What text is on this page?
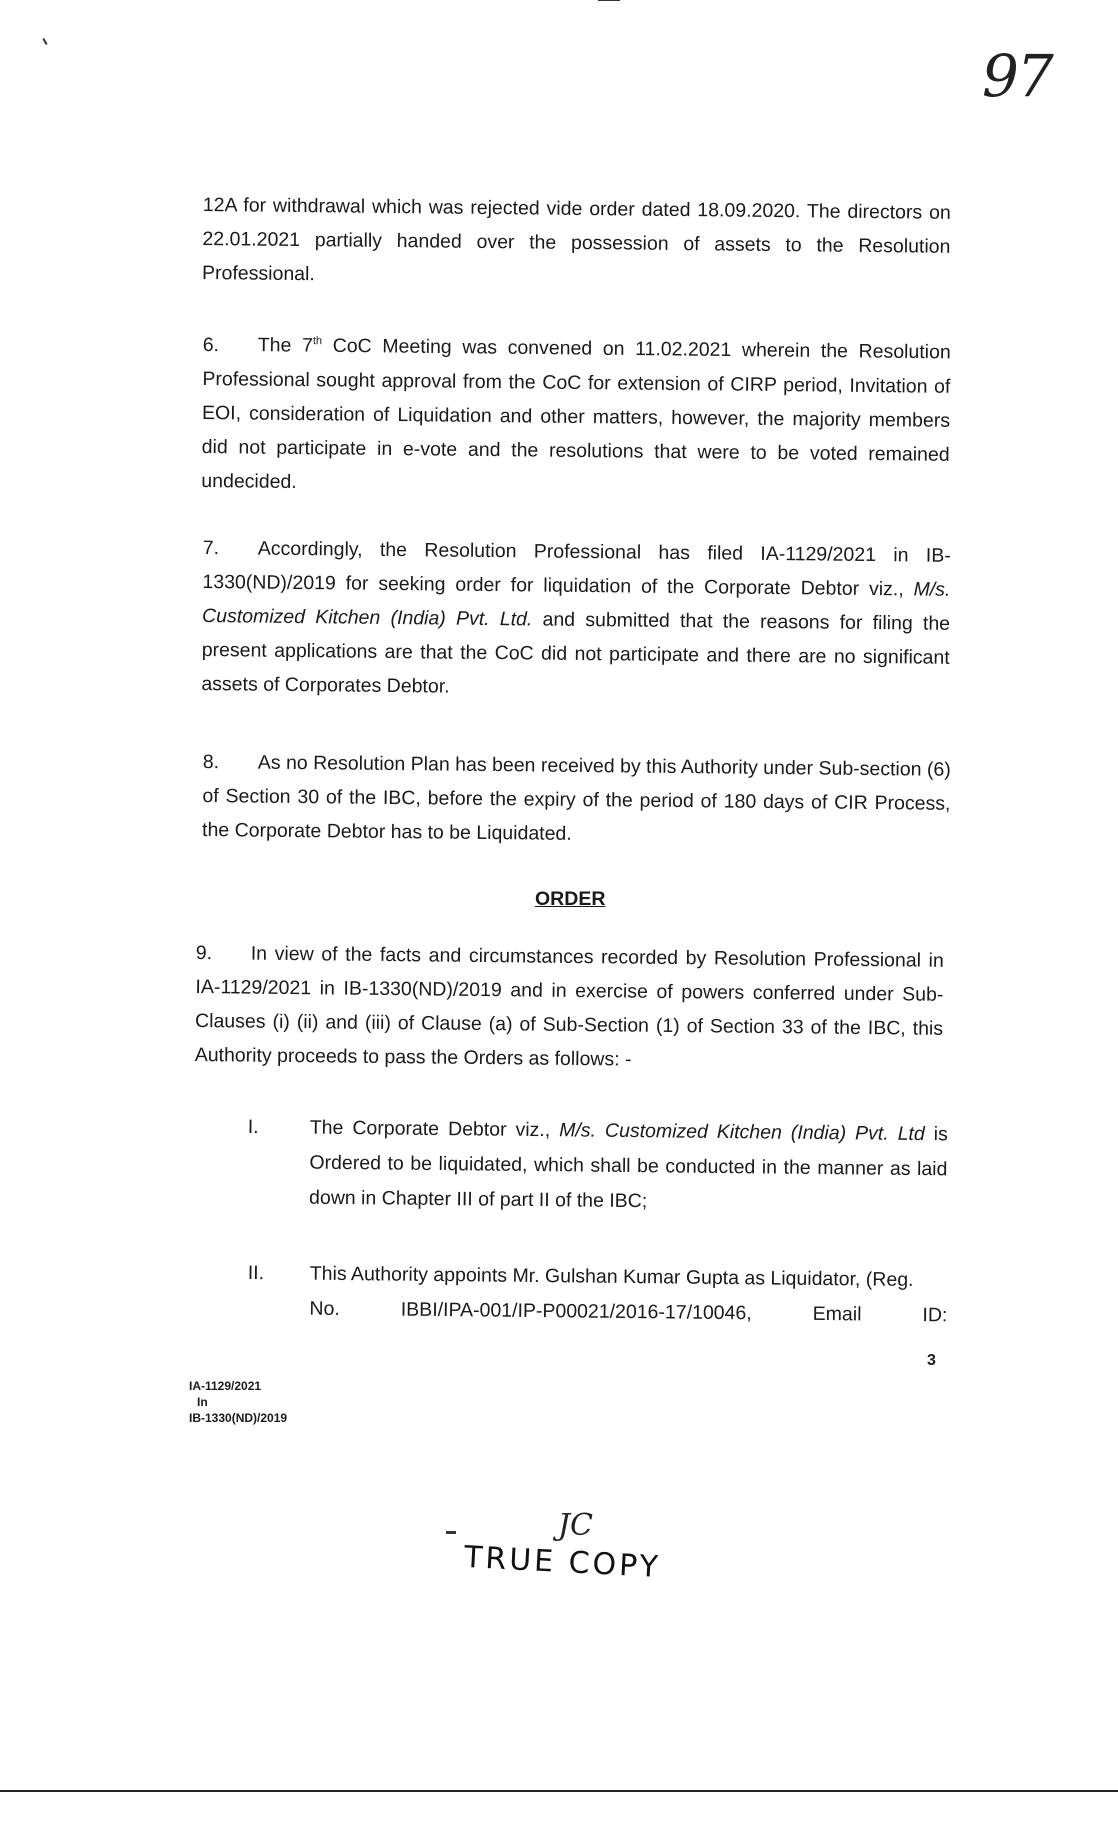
97

12A for withdrawal which was rejected vide order dated 18.09.2020. The directors on 22.01.2021 partially handed over the possession of assets to the Resolution Professional.

6. The 7th CoC Meeting was convened on 11.02.2021 wherein the Resolution Professional sought approval from the CoC for extension of CIRP period, Invitation of EOI, consideration of Liquidation and other matters, however, the majority members did not participate in e-vote and the resolutions that were to be voted remained undecided.

7. Accordingly, the Resolution Professional has filed IA-1129/2021 in IB-1330(ND)/2019 for seeking order for liquidation of the Corporate Debtor viz., M/s. Customized Kitchen (India) Pvt. Ltd. and submitted that the reasons for filing the present applications are that the CoC did not participate and there are no significant assets of Corporates Debtor.

8. As no Resolution Plan has been received by this Authority under Sub-section (6) of Section 30 of the IBC, before the expiry of the period of 180 days of CIR Process, the Corporate Debtor has to be Liquidated.

ORDER

9. In view of the facts and circumstances recorded by Resolution Professional in IA-1129/2021 in IB-1330(ND)/2019 and in exercise of powers conferred under Sub-Clauses (i) (ii) and (iii) of Clause (a) of Sub-Section (1) of Section 33 of the IBC, this Authority proceeds to pass the Orders as follows: -

I.	The Corporate Debtor viz., M/s. Customized Kitchen (India) Pvt. Ltd is Ordered to be liquidated, which shall be conducted in the manner as laid down in Chapter III of part II of the IBC;
II.	This Authority appoints Mr. Gulshan Kumar Gupta as Liquidator, (Reg.
No.	IBBI/IPA-001/IP-P00021/2016-17/10046,	Email	ID:
3
IA-1129/2021
In
IB-1330(ND)/2019
JC
TRUE COPY
